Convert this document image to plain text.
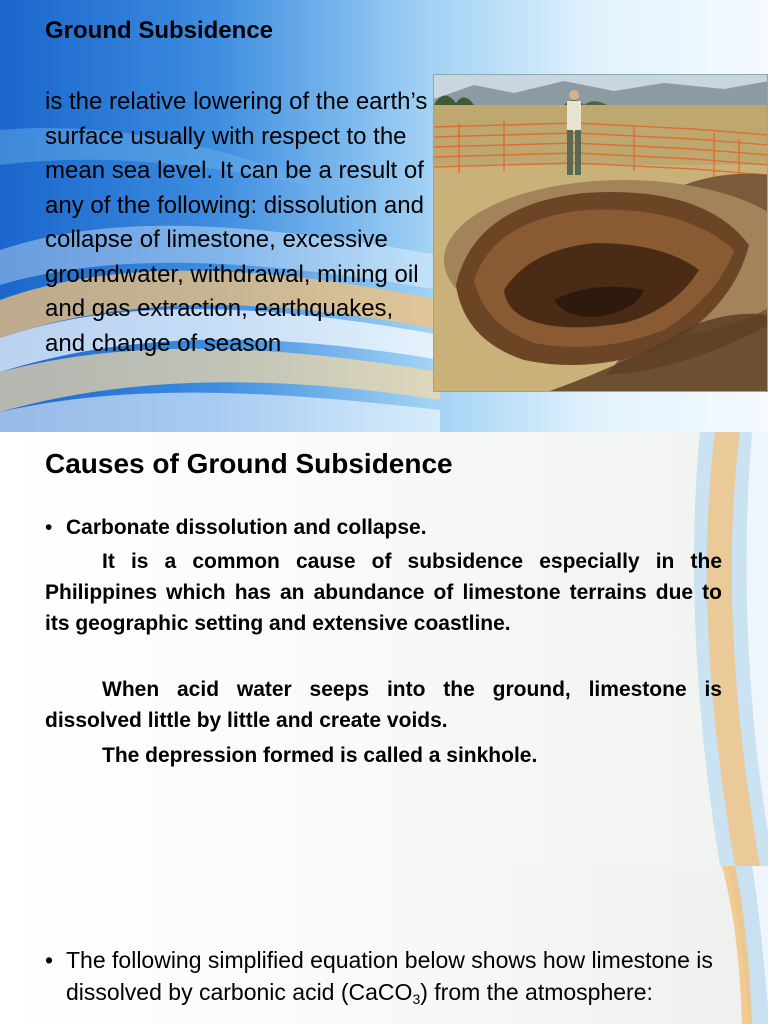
Ground Subsidence
is the relative lowering of the earth’s surface usually with respect to the mean sea level. It can be a result of any of the following: dissolution and collapse of limestone, excessive groundwater, withdrawal, mining oil and gas extraction, earthquakes, and change of season
Causes of Ground Subsidence
• Carbonate dissolution and collapse.
It is a common cause of subsidence especially in the Philippines which has an abundance of limestone terrains due to its geographic setting and extensive coastline.
When acid water seeps into the ground, limestone is dissolved little by little and create voids.
The depression formed is called a sinkhole.
• The following simplified equation below shows how limestone is dissolved by carbonic acid (CaCO$_3$) from the atmosphere:
